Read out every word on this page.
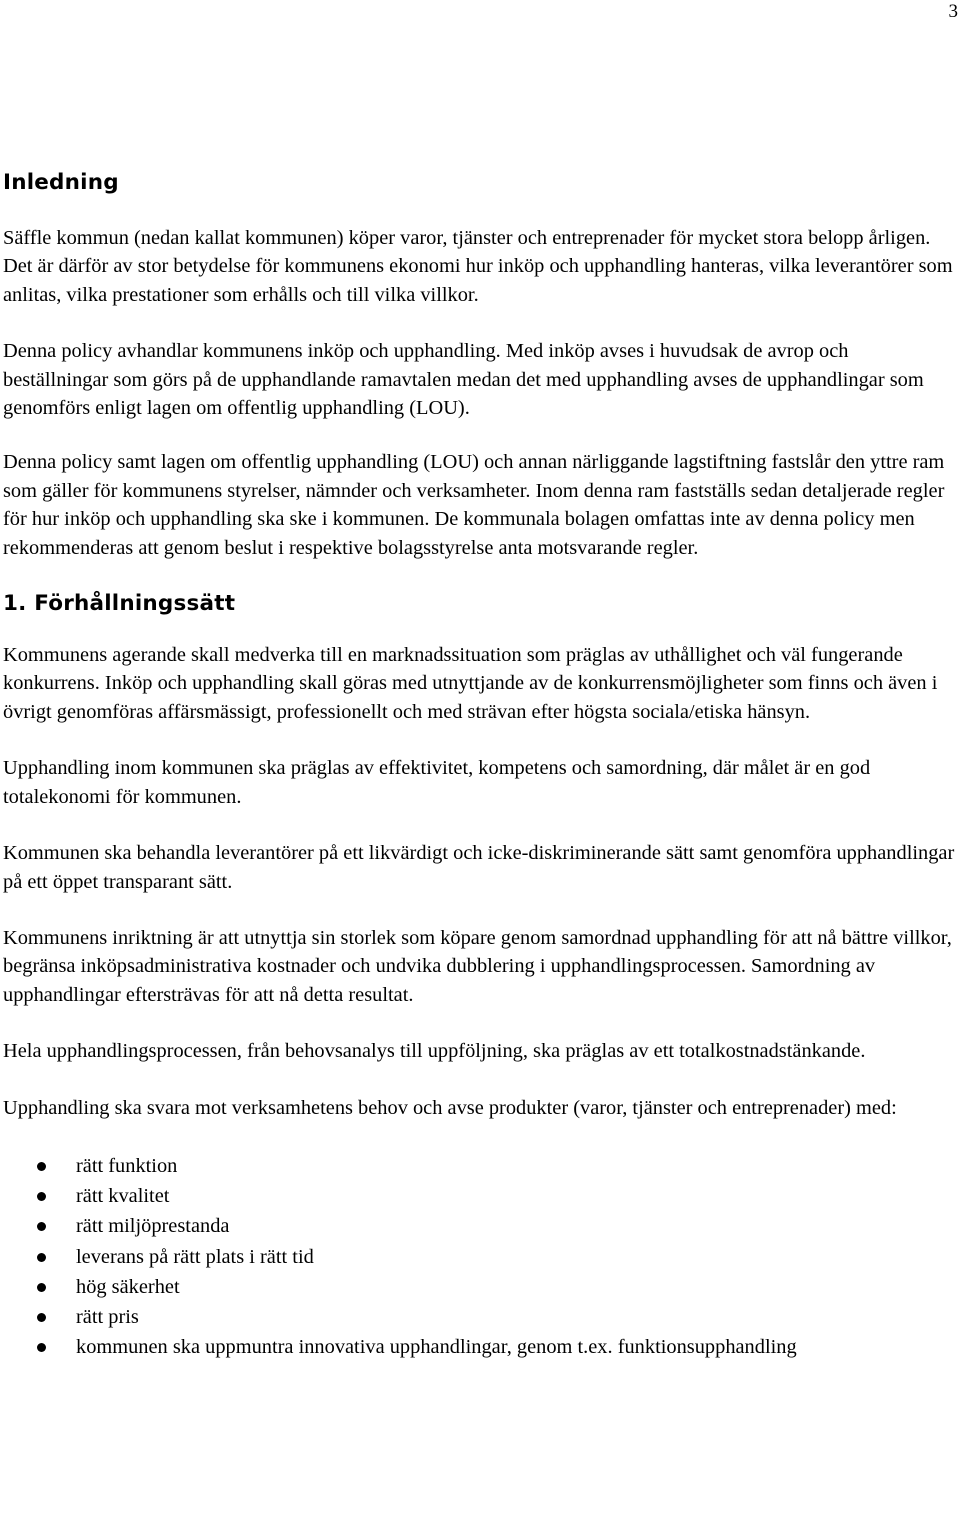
3
Inledning

Säffle kommun (nedan kallat kommunen) köper varor, tjänster och entreprenader för mycket stora belopp årligen. Det är därför av stor betydelse för kommunens ekonomi hur inköp och upphandling hanteras, vilka leverantörer som anlitas, vilka prestationer som erhålls och till vilka villkor.

Denna policy avhandlar kommunens inköp och upphandling. Med inköp avses i huvudsak de avrop och beställningar som görs på de upphandlande ramavtalen medan det med upphandling avses de upphandlingar som genomförs enligt lagen om offentlig upphandling (LOU).

Denna policy samt lagen om offentlig upphandling (LOU) och annan närliggande lagstiftning fastslår den yttre ram som gäller för kommunens styrelser, nämnder och verksamheter. Inom denna ram fastställs sedan detaljerade regler för hur inköp och upphandling ska ske i kommunen. De kommunala bolagen omfattas inte av denna policy men rekommenderas att genom beslut i respektive bolagsstyrelse anta motsvarande regler.

1. Förhållningssätt

Kommunens agerande skall medverka till en marknadssituation som präglas av uthållighet och väl fungerande konkurrens. Inköp och upphandling skall göras med utnyttjande av de konkurrensmöjligheter som finns och även i övrigt genomföras affärsmässigt, professionellt och med strävan efter högsta sociala/etiska hänsyn.

Upphandling inom kommunen ska präglas av effektivitet, kompetens och samordning, där målet är en god totalekonomi för kommunen.

Kommunen ska behandla leverantörer på ett likvärdigt och icke-diskriminerande sätt samt genomföra upphandlingar på ett öppet transparant sätt.

Kommunens inriktning är att utnyttja sin storlek som köpare genom samordnad upphandling för att nå bättre villkor, begränsa inköpsadministrativa kostnader och undvika dubblering i upphandlingsprocessen. Samordning av upphandlingar eftersträvas för att nå detta resultat.

Hela upphandlingsprocessen, från behovsanalys till uppföljning, ska präglas av ett totalkostnadstänkande.

Upphandling ska svara mot verksamhetens behov och avse produkter (varor, tjänster och entreprenader) med:

rätt funktion
rätt kvalitet
rätt miljöprestanda
leverans på rätt plats i rätt tid
hög säkerhet
rätt pris
kommunen ska uppmuntra innovativa upphandlingar, genom t.ex. funktionsupphandling
